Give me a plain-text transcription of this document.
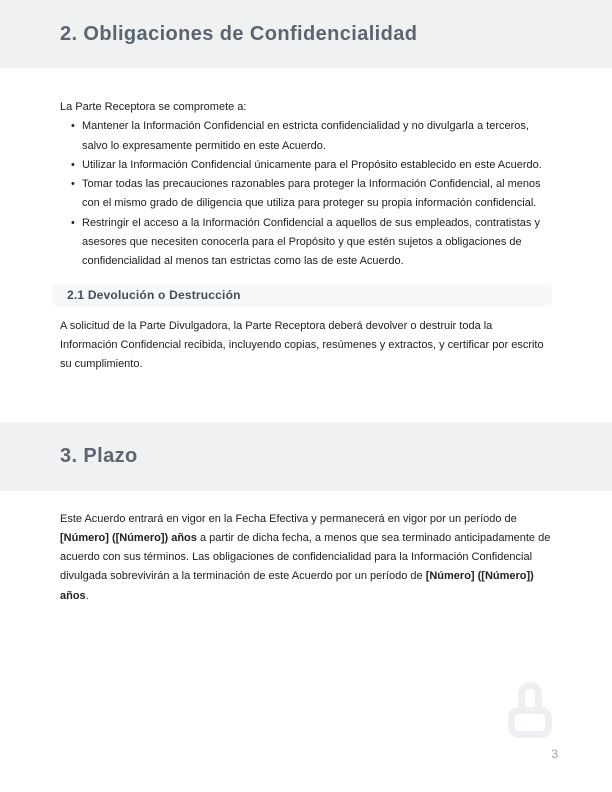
2. Obligaciones de Confidencialidad

La Parte Receptora se compromete a:

• Mantener la Información Confidencial en estricta confidencialidad y no divulgarla a terceros, salvo lo expresamente permitido en este Acuerdo.
• Utilizar la Información Confidencial únicamente para el Propósito establecido en este Acuerdo.
• Tomar todas las precauciones razonables para proteger la Información Confidencial, al menos con el mismo grado de diligencia que utiliza para proteger su propia información confidencial.
• Restringir el acceso a la Información Confidencial a aquellos de sus empleados, contratistas y asesores que necesiten conocerla para el Propósito y que estén sujetos a obligaciones de confidencialidad al menos tan estrictas como las de este Acuerdo.
2.1 Devolución o Destrucción

A solicitud de la Parte Divulgadora, la Parte Receptora deberá devolver o destruir toda la Información Confidencial recibida, incluyendo copias, resúmenes y extractos, y certificar por escrito su cumplimiento.

3. Plazo

Este Acuerdo entrará en vigor en la Fecha Efectiva y permanecerá en vigor por un período de [Número] ([Número]) años a partir de dicha fecha, a menos que sea terminado anticipadamente de acuerdo con sus términos. Las obligaciones de confidencialidad para la Información Confidencial divulgada sobrevivirán a la terminación de este Acuerdo por un período de [Número] ([Número]) años.

3
